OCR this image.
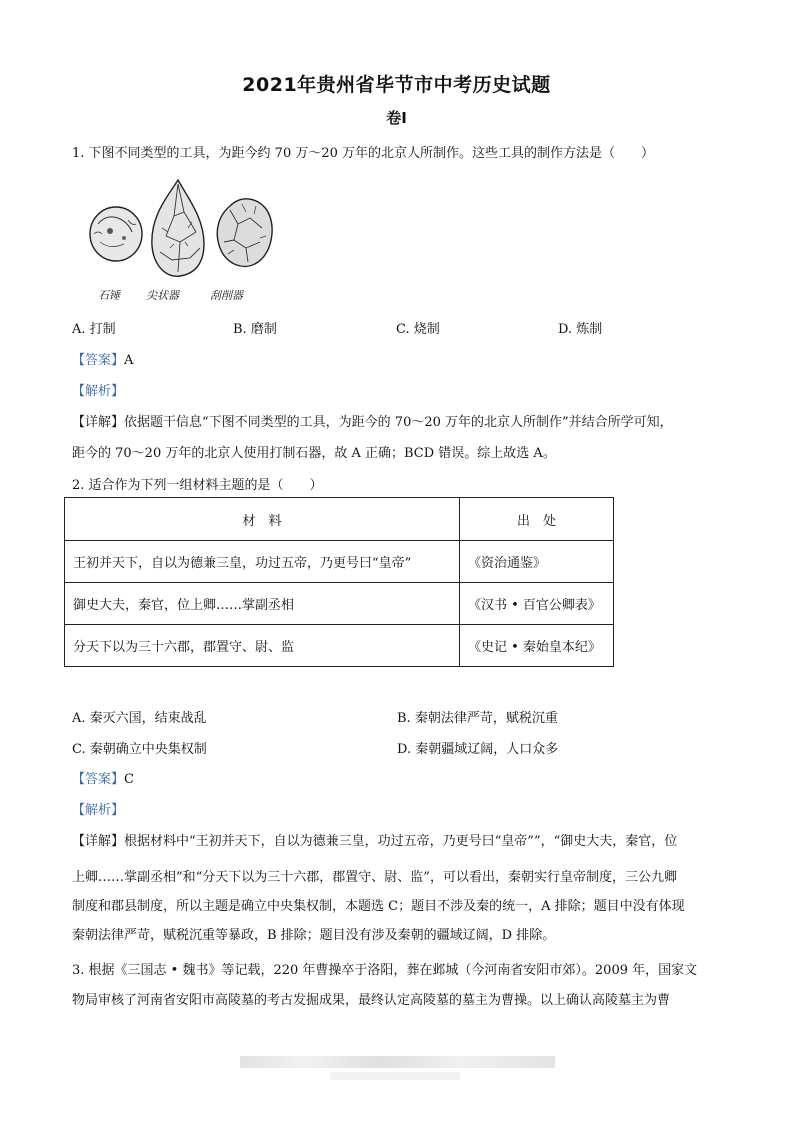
2021年贵州省毕节市中考历史试题
卷I
1. 下图不同类型的工具，为距今约 70 万～20 万年的北京人所制作。这些工具的制作方法是（　　）
石锤 尖状器	刮削器
A. 打制	B. 磨制	C. 烧制	D. 炼制
【答案】A
【解析】
【详解】依据题干信息“下图不同类型的工具，为距今的 70～20 万年的北京人所制作”并结合所学可知，
距今的 70～20 万年的北京人使用打制石器，故 A 正确；BCD 错误。综上故选 A。
2. 适合作为下列一组材料主题的是（　　）
材　料	出　处
王初并天下，自以为德兼三皇，功过五帝，乃更号曰“皇帝”	《资治通鉴》
御史大夫，秦官，位上卿……掌副丞相	《汉书 • 百官公卿表》
分天下以为三十六郡，郡置守、尉、监	《史记 • 秦始皇本纪》
A. 秦灭六国，结束战乱	B. 秦朝法律严苛，赋税沉重
C. 秦朝确立中央集权制	D. 秦朝疆域辽阔，人口众多
【答案】C
【解析】
【详解】根据材料中“王初并天下，自以为德兼三皇，功过五帝，乃更号曰“皇帝””，“御史大夫，秦官，位
上卿……掌副丞相”和“分天下以为三十六郡，郡置守、尉、监”，可以看出，秦朝实行皇帝制度，三公九卿
制度和郡县制度，所以主题是确立中央集权制，本题选 C；题目不涉及秦的统一，A 排除；题目中没有体现
秦朝法律严苛，赋税沉重等暴政，B 排除；题目没有涉及秦朝的疆域辽阔，D 排除。
3. 根据《三国志 • 魏书》等记载，220 年曹操卒于洛阳，葬在邺城（今河南省安阳市郊）。2009 年，国家文
物局审核了河南省安阳市高陵墓的考古发掘成果，最终认定高陵墓的墓主为曹操。以上确认高陵墓主为曹
